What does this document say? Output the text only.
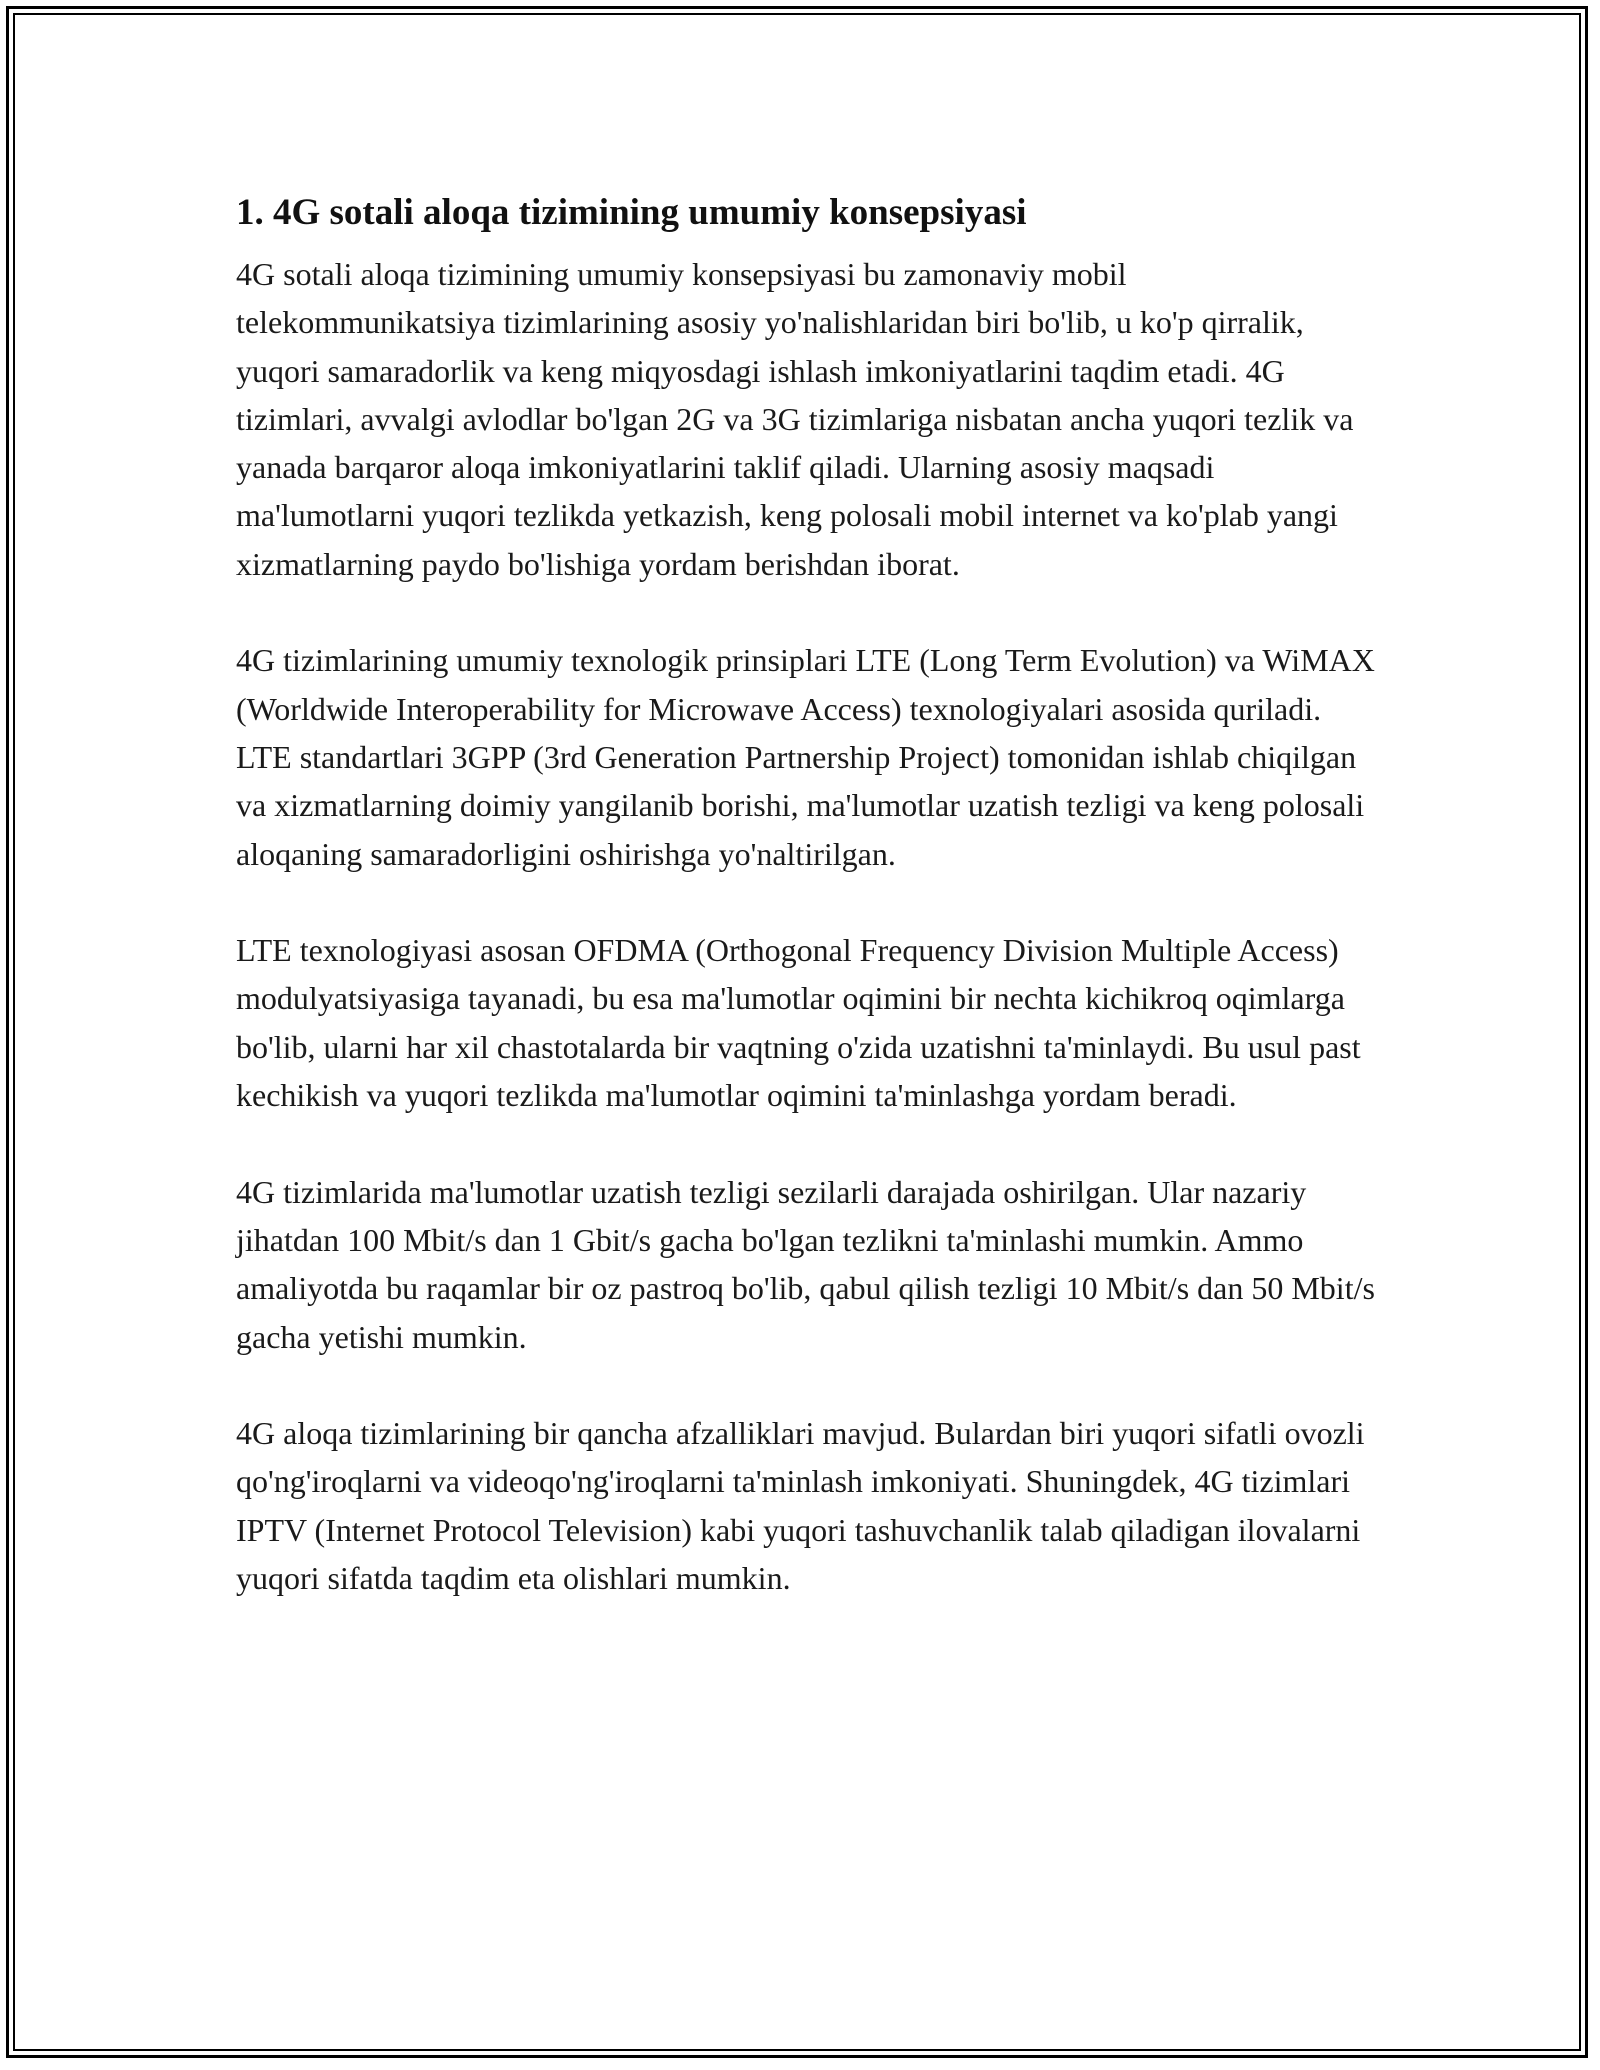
1. 4G sotali aloqa tizimining umumiy konsepsiyasi

4G sotali aloqa tizimining umumiy konsepsiyasi bu zamonaviy mobil telekommunikatsiya tizimlarining asosiy yo'nalishlaridan biri bo'lib, u ko'p qirralik, yuqori samaradorlik va keng miqyosdagi ishlash imkoniyatlarini taqdim etadi. 4G tizimlari, avvalgi avlodlar bo'lgan 2G va 3G tizimlariga nisbatan ancha yuqori tezlik va yanada barqaror aloqa imkoniyatlarini taklif qiladi. Ularning asosiy maqsadi ma'lumotlarni yuqori tezlikda yetkazish, keng polosali mobil internet va ko'plab yangi xizmatlarning paydo bo'lishiga yordam berishdan iborat.

4G tizimlarining umumiy texnologik prinsiplari LTE (Long Term Evolution) va WiMAX (Worldwide Interoperability for Microwave Access) texnologiyalari asosida quriladi. LTE standartlari 3GPP (3rd Generation Partnership Project) tomonidan ishlab chiqilgan va xizmatlarning doimiy yangilanib borishi, ma'lumotlar uzatish tezligi va keng polosali aloqaning samaradorligini oshirishga yo'naltirilgan.

LTE texnologiyasi asosan OFDMA (Orthogonal Frequency Division Multiple Access) modulyatsiyasiga tayanadi, bu esa ma'lumotlar oqimini bir nechta kichikroq oqimlarga bo'lib, ularni har xil chastotalarda bir vaqtning o'zida uzatishni ta'minlaydi. Bu usul past kechikish va yuqori tezlikda ma'lumotlar oqimini ta'minlashga yordam beradi.

4G tizimlarida ma'lumotlar uzatish tezligi sezilarli darajada oshirilgan. Ular nazariy jihatdan 100 Mbit/s dan 1 Gbit/s gacha bo'lgan tezlikni ta'minlashi mumkin. Ammo amaliyotda bu raqamlar bir oz pastroq bo'lib, qabul qilish tezligi 10 Mbit/s dan 50 Mbit/s gacha yetishi mumkin.

4G aloqa tizimlarining bir qancha afzalliklari mavjud. Bulardan biri yuqori sifatli ovozli qo'ng'iroqlarni va videoqo'ng'iroqlarni ta'minlash imkoniyati. Shuningdek, 4G tizimlari IPTV (Internet Protocol Television) kabi yuqori tashuvchanlik talab qiladigan ilovalarni yuqori sifatda taqdim eta olishlari mumkin.
